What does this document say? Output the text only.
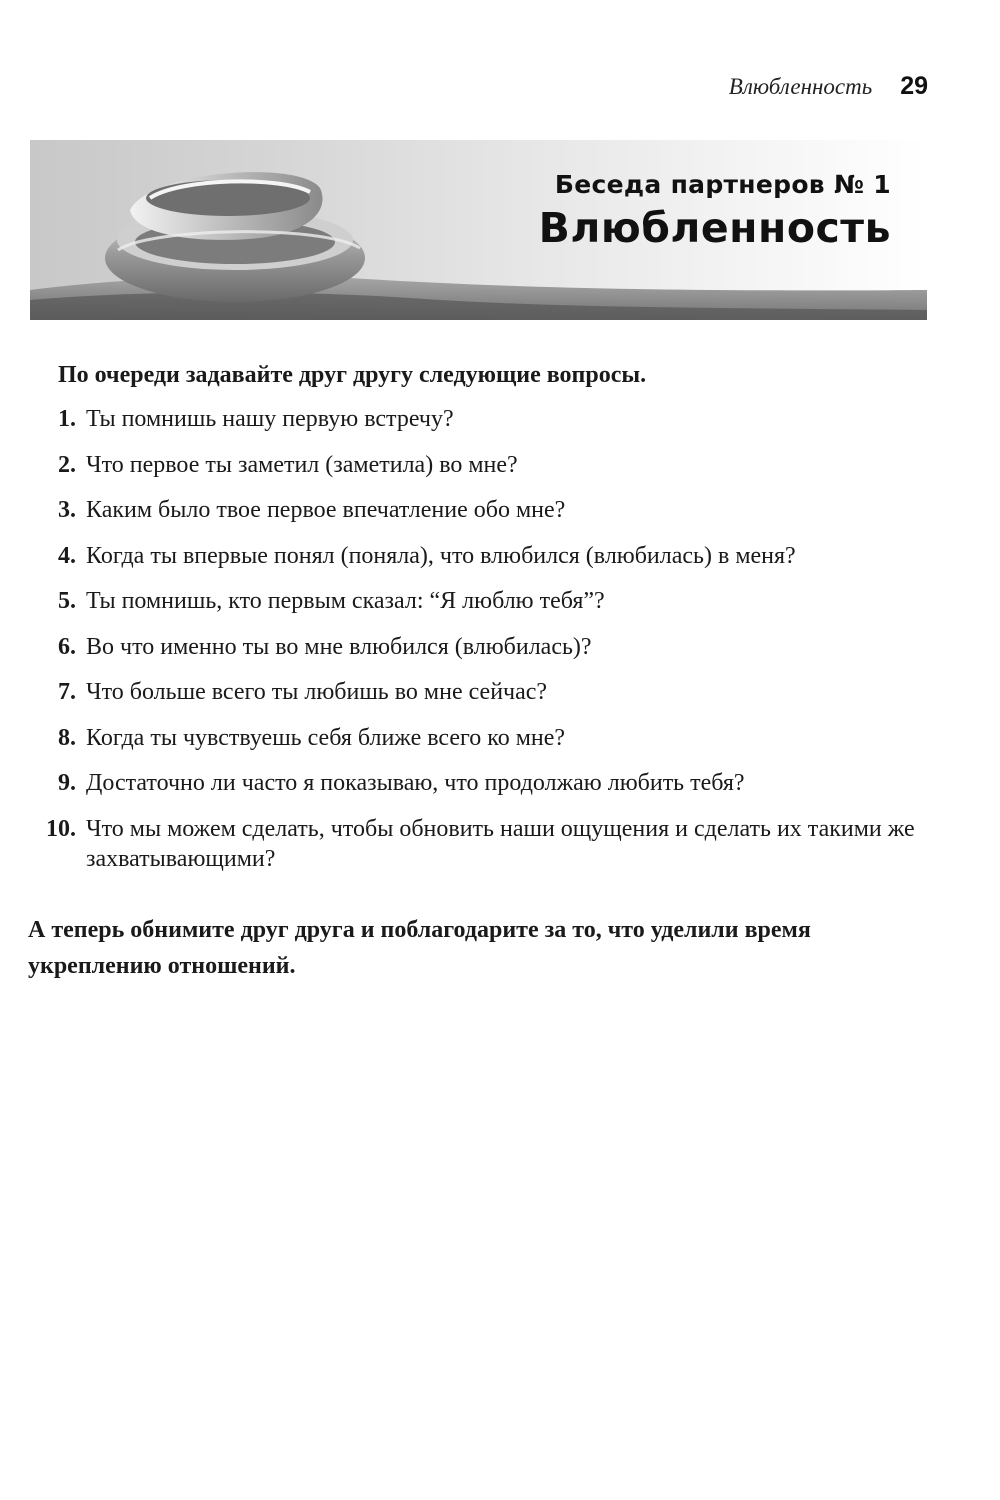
Влюбленность 29
Беседа партнеров № 1
Влюбленность

По очереди задавайте друг другу следующие вопросы.

1. Ты помнишь нашу первую встречу?
2. Что первое ты заметил (заметила) во мне?
3. Каким было твое первое впечатление обо мне?
4. Когда ты впервые понял (поняла), что влюбился (влюбилась) в меня?
5. Ты помнишь, кто первым сказал: “Я люблю тебя”?
6. Во что именно ты во мне влюбился (влюбилась)?
7. Что больше всего ты любишь во мне сейчас?
8. Когда ты чувствуешь себя ближе всего ко мне?
9. Достаточно ли часто я показываю, что продолжаю любить тебя?
10. Что мы можем сделать, чтобы обновить наши ощущения и сделать их такими же захватывающими?

А теперь обнимите друг друга и поблагодарите за то, что уделили время укреплению отношений.
